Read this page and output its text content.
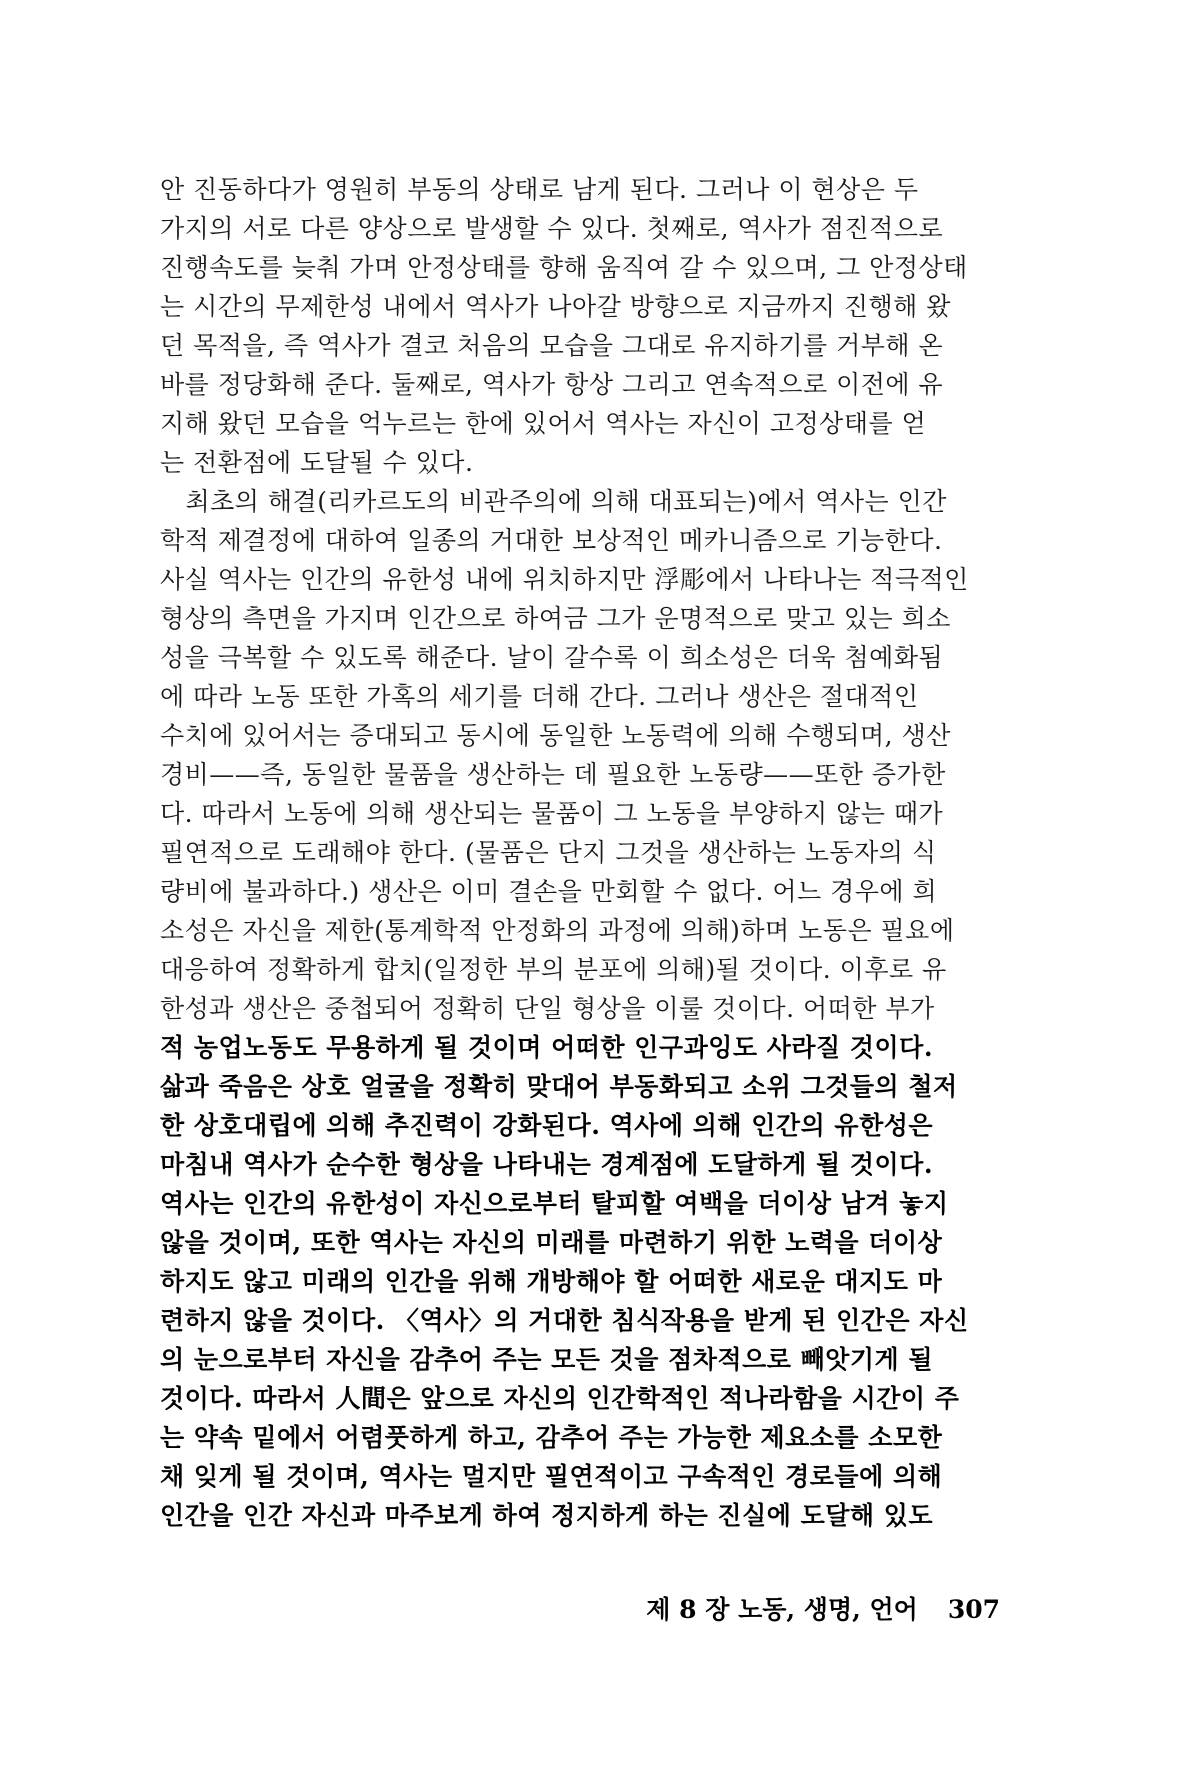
안 진동하다가 영원히 부동의 상태로 남게 된다. 그러나 이 현상은 두
가지의 서로 다른 양상으로 발생할 수 있다. 첫째로, 역사가 점진적으로
진행속도를 늦춰 가며 안정상태를 향해 움직여 갈 수 있으며, 그 안정상태
는 시간의 무제한성 내에서 역사가 나아갈 방향으로 지금까지 진행해 왔
던 목적을, 즉 역사가 결코 처음의 모습을 그대로 유지하기를 거부해 온
바를 정당화해 준다. 둘째로, 역사가 항상 그리고 연속적으로 이전에 유
지해 왔던 모습을 억누르는 한에 있어서 역사는 자신이 고정상태를 얻
는 전환점에 도달될 수 있다.
　최초의 해결(리카르도의 비관주의에 의해 대표되는)에서 역사는 인간
학적 제결정에 대하여 일종의 거대한 보상적인 메카니즘으로 기능한다.
사실 역사는 인간의 유한성 내에 위치하지만 浮彫에서 나타나는 적극적인
형상의 측면을 가지며 인간으로 하여금 그가 운명적으로 맞고 있는 희소
성을 극복할 수 있도록 해준다. 날이 갈수록 이 희소성은 더욱 첨예화됨
에 따라 노동 또한 가혹의 세기를 더해 간다. 그러나 생산은 절대적인
수치에 있어서는 증대되고 동시에 동일한 노동력에 의해 수행되며, 생산
경비——즉, 동일한 물품을 생산하는 데 필요한 노동량——또한 증가한
다. 따라서 노동에 의해 생산되는 물품이 그 노동을 부양하지 않는 때가
필연적으로 도래해야 한다. (물품은 단지 그것을 생산하는 노동자의 식
량비에 불과하다.) 생산은 이미 결손을 만회할 수 없다. 어느 경우에 희
소성은 자신을 제한(통계학적 안정화의 과정에 의해)하며 노동은 필요에
대응하여 정확하게 합치(일정한 부의 분포에 의해)될 것이다. 이후로 유
한성과 생산은 중첩되어 정확히 단일 형상을 이룰 것이다. 어떠한 부가
적 농업노동도 무용하게 될 것이며 어떠한 인구과잉도 사라질 것이다.
삶과 죽음은 상호 얼굴을 정확히 맞대어 부동화되고 소위 그것들의 철저
한 상호대립에 의해 추진력이 강화된다. 역사에 의해 인간의 유한성은
마침내 역사가 순수한 형상을 나타내는 경계점에 도달하게 될 것이다.
역사는 인간의 유한성이 자신으로부터 탈피할 여백을 더이상 남겨 놓지
않을 것이며, 또한 역사는 자신의 미래를 마련하기 위한 노력을 더이상
하지도 않고 미래의 인간을 위해 개방해야 할 어떠한 새로운 대지도 마
련하지 않을 것이다. 〈역사〉의 거대한 침식작용을 받게 된 인간은 자신
의 눈으로부터 자신을 감추어 주는 모든 것을 점차적으로 빼앗기게 될
것이다. 따라서 人間은 앞으로 자신의 인간학적인 적나라함을 시간이 주
는 약속 밑에서 어렴풋하게 하고, 감추어 주는 가능한 제요소를 소모한
채 잊게 될 것이며, 역사는 멀지만 필연적이고 구속적인 경로들에 의해
인간을 인간 자신과 마주보게 하여 정지하게 하는 진실에 도달해 있도
제 8 장 노동, 생명, 언어 307
